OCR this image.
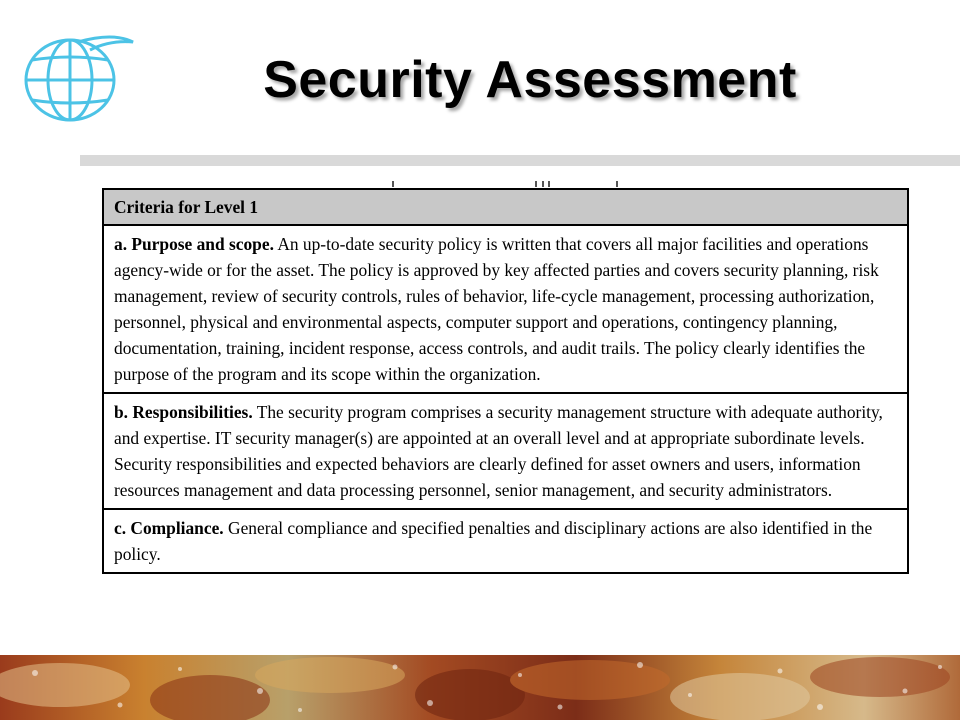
Security Assessment
Criteria for Level 1
a. Purpose and scope. An up-to-date security policy is written that covers all major facilities and operations agency-wide or for the asset. The policy is approved by key affected parties and covers security planning, risk management, review of security controls, rules of behavior, life-cycle management, processing authorization, personnel, physical and environmental aspects, computer support and operations, contingency planning, documentation, training, incident response, access controls, and audit trails. The policy clearly identifies the purpose of the program and its scope within the organization.
b. Responsibilities. The security program comprises a security management structure with adequate authority, and expertise. IT security manager(s) are appointed at an overall level and at appropriate subordinate levels. Security responsibilities and expected behaviors are clearly defined for asset owners and users, information resources management and data processing personnel, senior management, and security administrators.
c. Compliance. General compliance and specified penalties and disciplinary actions are also identified in the policy.
